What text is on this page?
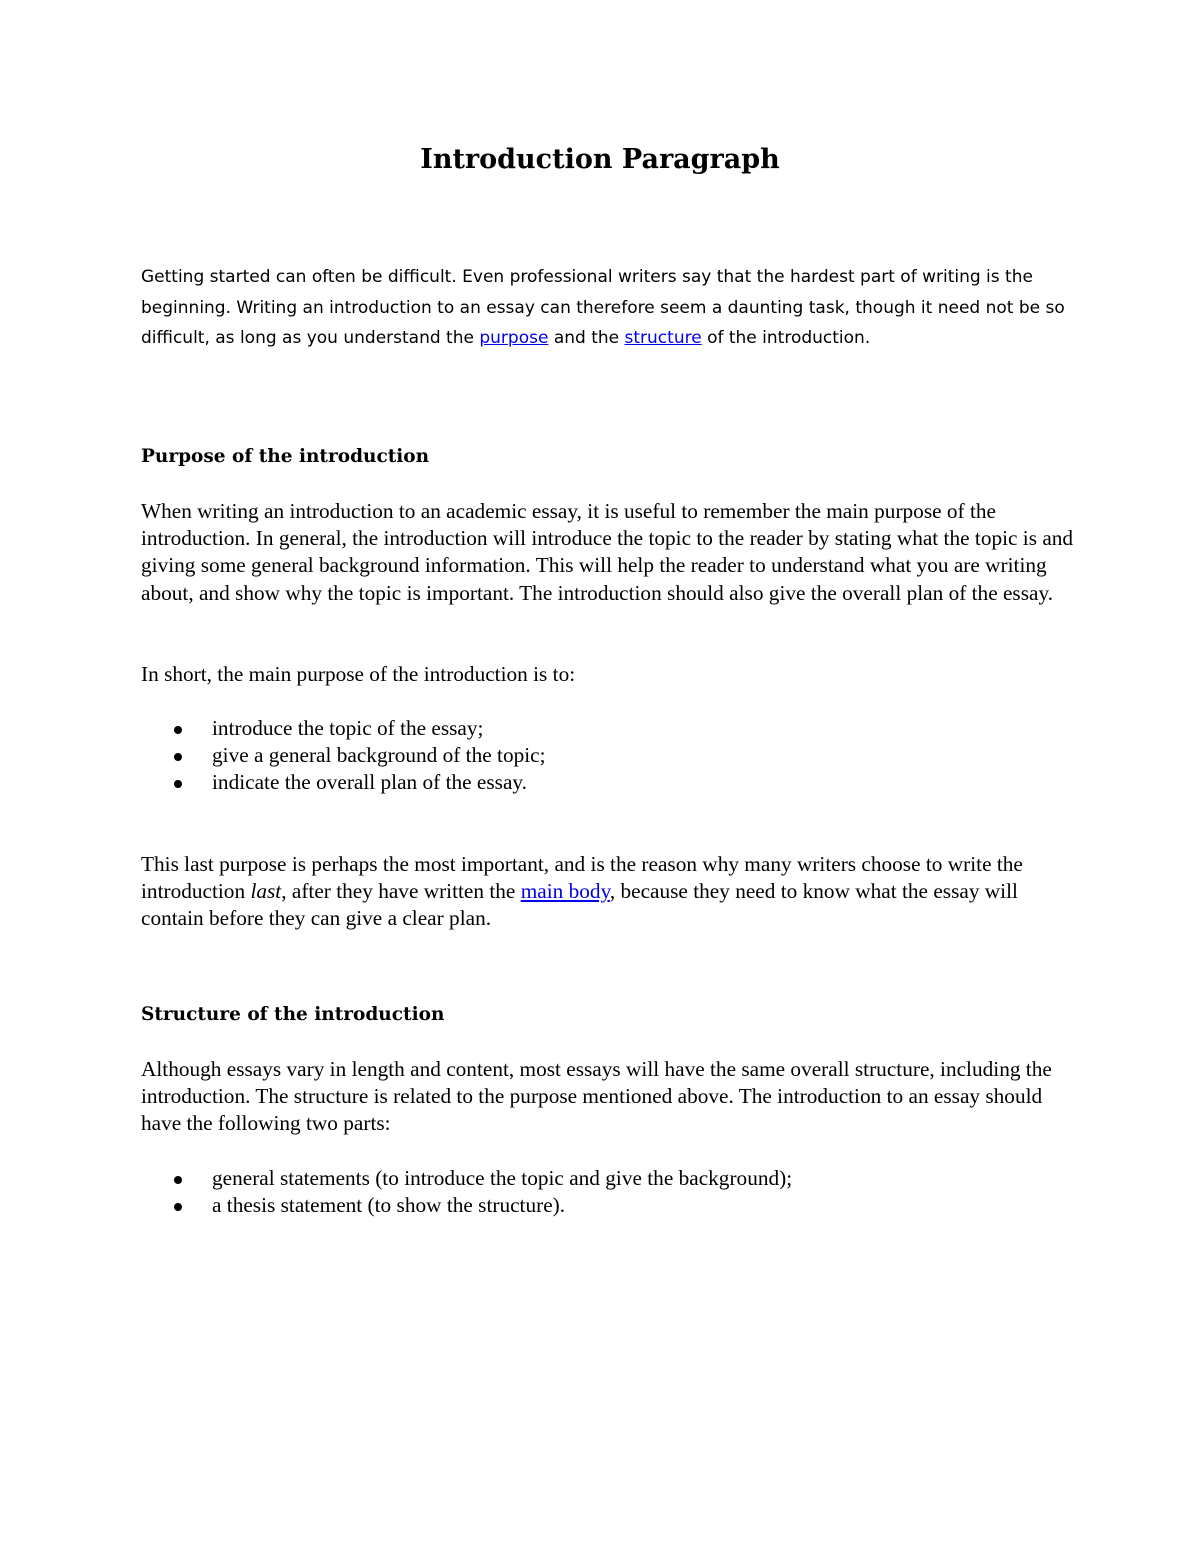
Introduction Paragraph

Getting started can often be difficult. Even professional writers say that the hardest part of writing is the beginning. Writing an introduction to an essay can therefore seem a daunting task, though it need not be so difficult, as long as you understand the purpose and the structure of the introduction.

Purpose of the introduction

When writing an introduction to an academic essay, it is useful to remember the main purpose of the introduction. In general, the introduction will introduce the topic to the reader by stating what the topic is and giving some general background information. This will help the reader to understand what you are writing about, and show why the topic is important. The introduction should also give the overall plan of the essay.

In short, the main purpose of the introduction is to:

introduce the topic of the essay;
give a general background of the topic;
indicate the overall plan of the essay.

This last purpose is perhaps the most important, and is the reason why many writers choose to write the introduction last, after they have written the main body, because they need to know what the essay will contain before they can give a clear plan.

Structure of the introduction

Although essays vary in length and content, most essays will have the same overall structure, including the introduction. The structure is related to the purpose mentioned above. The introduction to an essay should have the following two parts:

general statements (to introduce the topic and give the background);
a thesis statement (to show the structure).
